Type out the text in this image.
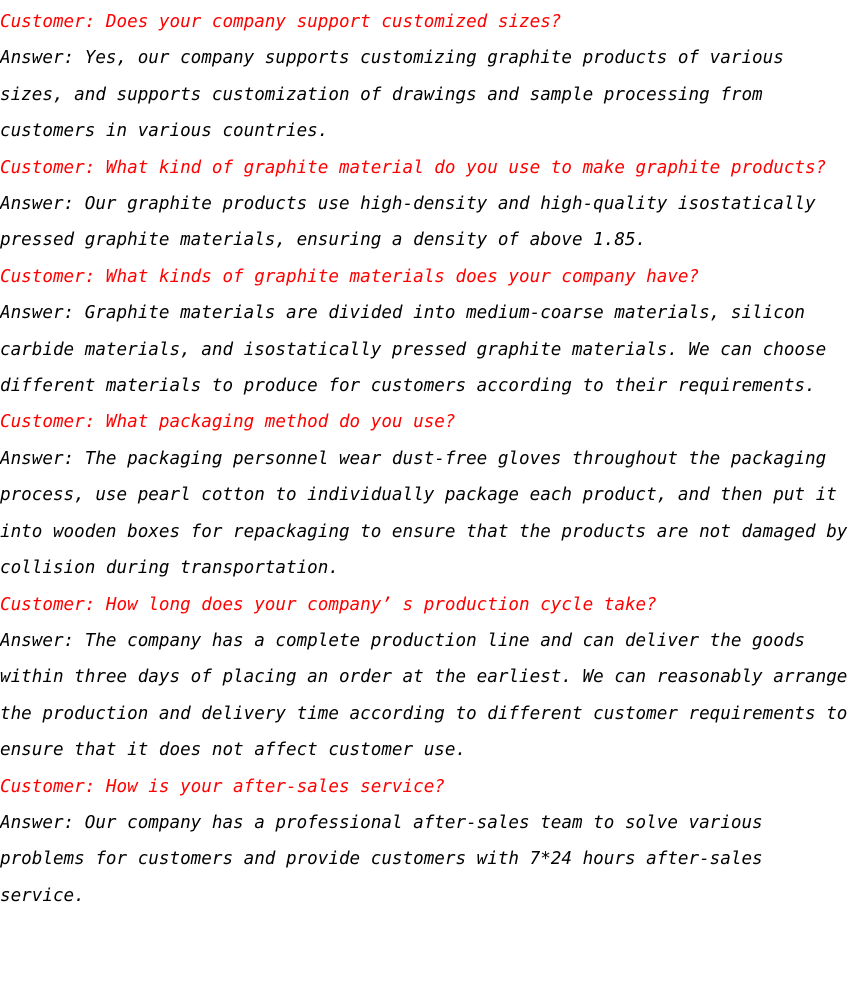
Customer: Does your company support customized sizes?

Answer: Yes, our company supports customizing graphite products of various sizes, and supports customization of drawings and sample processing from customers in various countries.

Customer: What kind of graphite material do you use to make graphite products?

Answer: Our graphite products use high-density and high-quality isostatically pressed graphite materials, ensuring a density of above 1.85.

Customer: What kinds of graphite materials does your company have?

Answer: Graphite materials are divided into medium-coarse materials, silicon carbide materials, and isostatically pressed graphite materials. We can choose different materials to produce for customers according to their requirements.

Customer: What packaging method do you use?

Answer: The packaging personnel wear dust-free gloves throughout the packaging process, use pearl cotton to individually package each product, and then put it into wooden boxes for repackaging to ensure that the products are not damaged by collision during transportation.

Customer: How long does your company’ s production cycle take?

Answer: The company has a complete production line and can deliver the goods within three days of placing an order at the earliest. We can reasonably arrange the production and delivery time according to different customer requirements to ensure that it does not affect customer use.

Customer: How is your after-sales service?

Answer: Our company has a professional after-sales team to solve various problems for customers and provide customers with 7*24 hours after-sales service.
